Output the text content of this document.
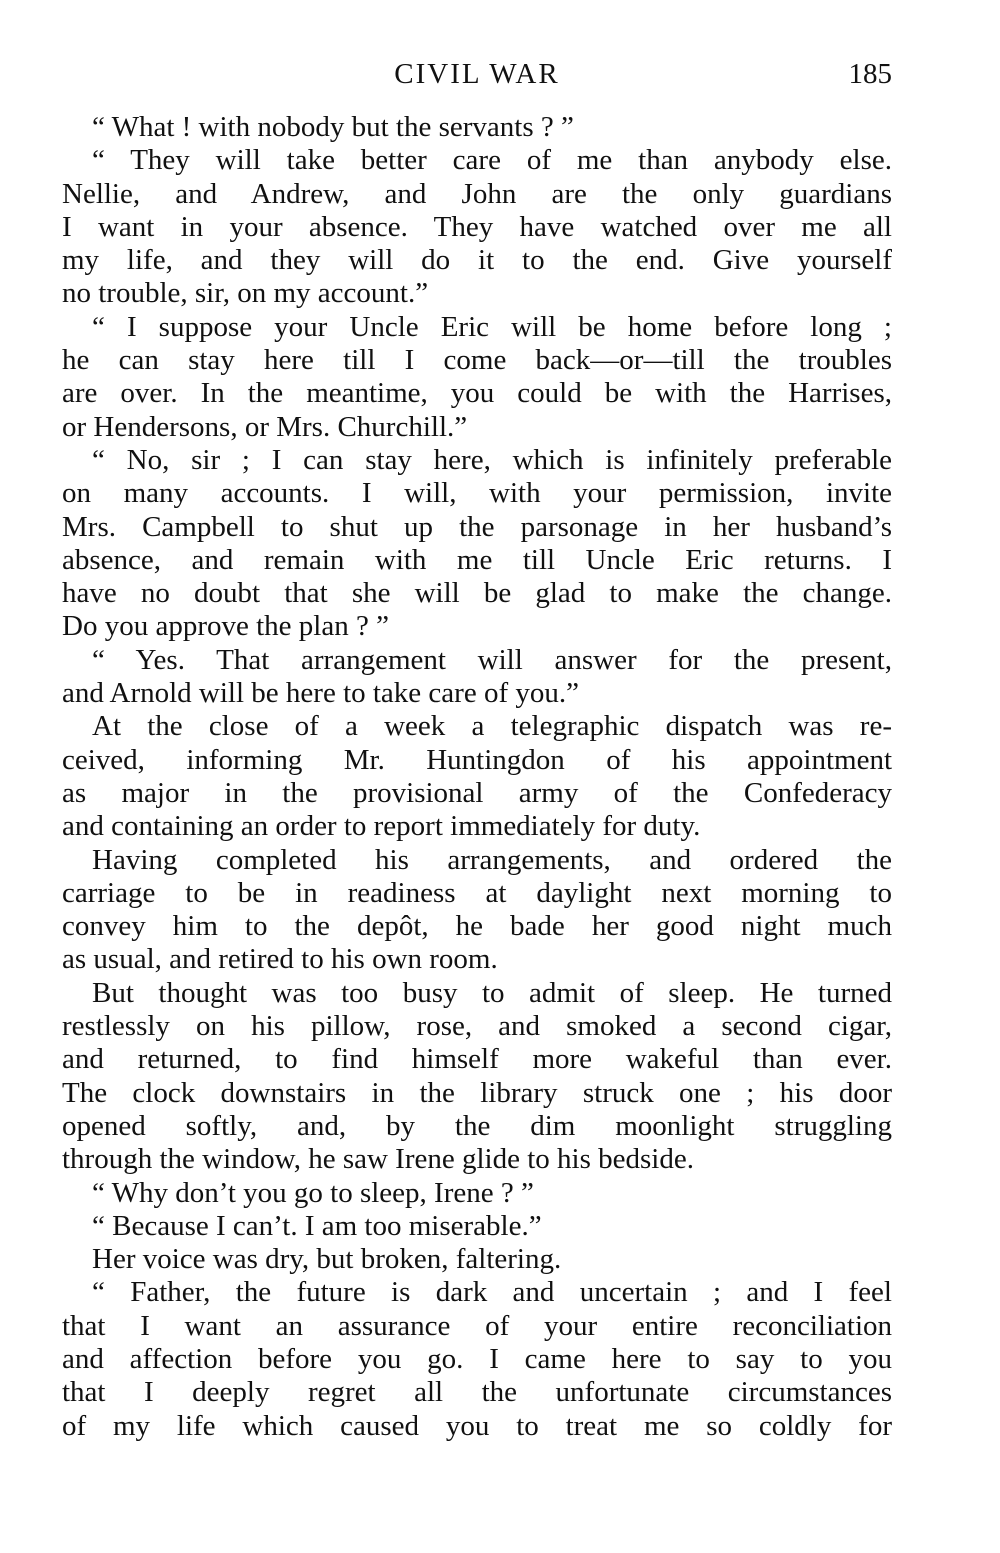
CIVIL WAR	185
“ What ! with nobody but the servants ? ”
“ They will take better care of me than anybody else.
Nellie, and Andrew, and John are the only guardians
I want in your absence. They have watched over me all
my life, and they will do it to the end. Give yourself
no trouble, sir, on my account.”
“ I suppose your Uncle Eric will be home before long ;
he can stay here till I come back—or—till the troubles
are over. In the meantime, you could be with the Harrises,
or Hendersons, or Mrs. Churchill.”
“ No, sir ; I can stay here, which is infinitely preferable
on many accounts. I will, with your permission, invite
Mrs. Campbell to shut up the parsonage in her husband’s
absence, and remain with me till Uncle Eric returns. I
have no doubt that she will be glad to make the change.
Do you approve the plan ? ”
“ Yes. That arrangement will answer for the present,
and Arnold will be here to take care of you.”
At the close of a week a telegraphic dispatch was re-
ceived, informing Mr. Huntingdon of his appointment
as major in the provisional army of the Confederacy
and containing an order to report immediately for duty.
Having completed his arrangements, and ordered the
carriage to be in readiness at daylight next morning to
convey him to the depôt, he bade her good night much
as usual, and retired to his own room.
But thought was too busy to admit of sleep. He turned
restlessly on his pillow, rose, and smoked a second cigar,
and returned, to find himself more wakeful than ever.
The clock downstairs in the library struck one ; his door
opened softly, and, by the dim moonlight struggling
through the window, he saw Irene glide to his bedside.
“ Why don’t you go to sleep, Irene ? ”
“ Because I can’t. I am too miserable.”
Her voice was dry, but broken, faltering.
“ Father, the future is dark and uncertain ; and I feel
that I want an assurance of your entire reconciliation
and affection before you go. I came here to say to you
that I deeply regret all the unfortunate circumstances
of my life which caused you to treat me so coldly for
